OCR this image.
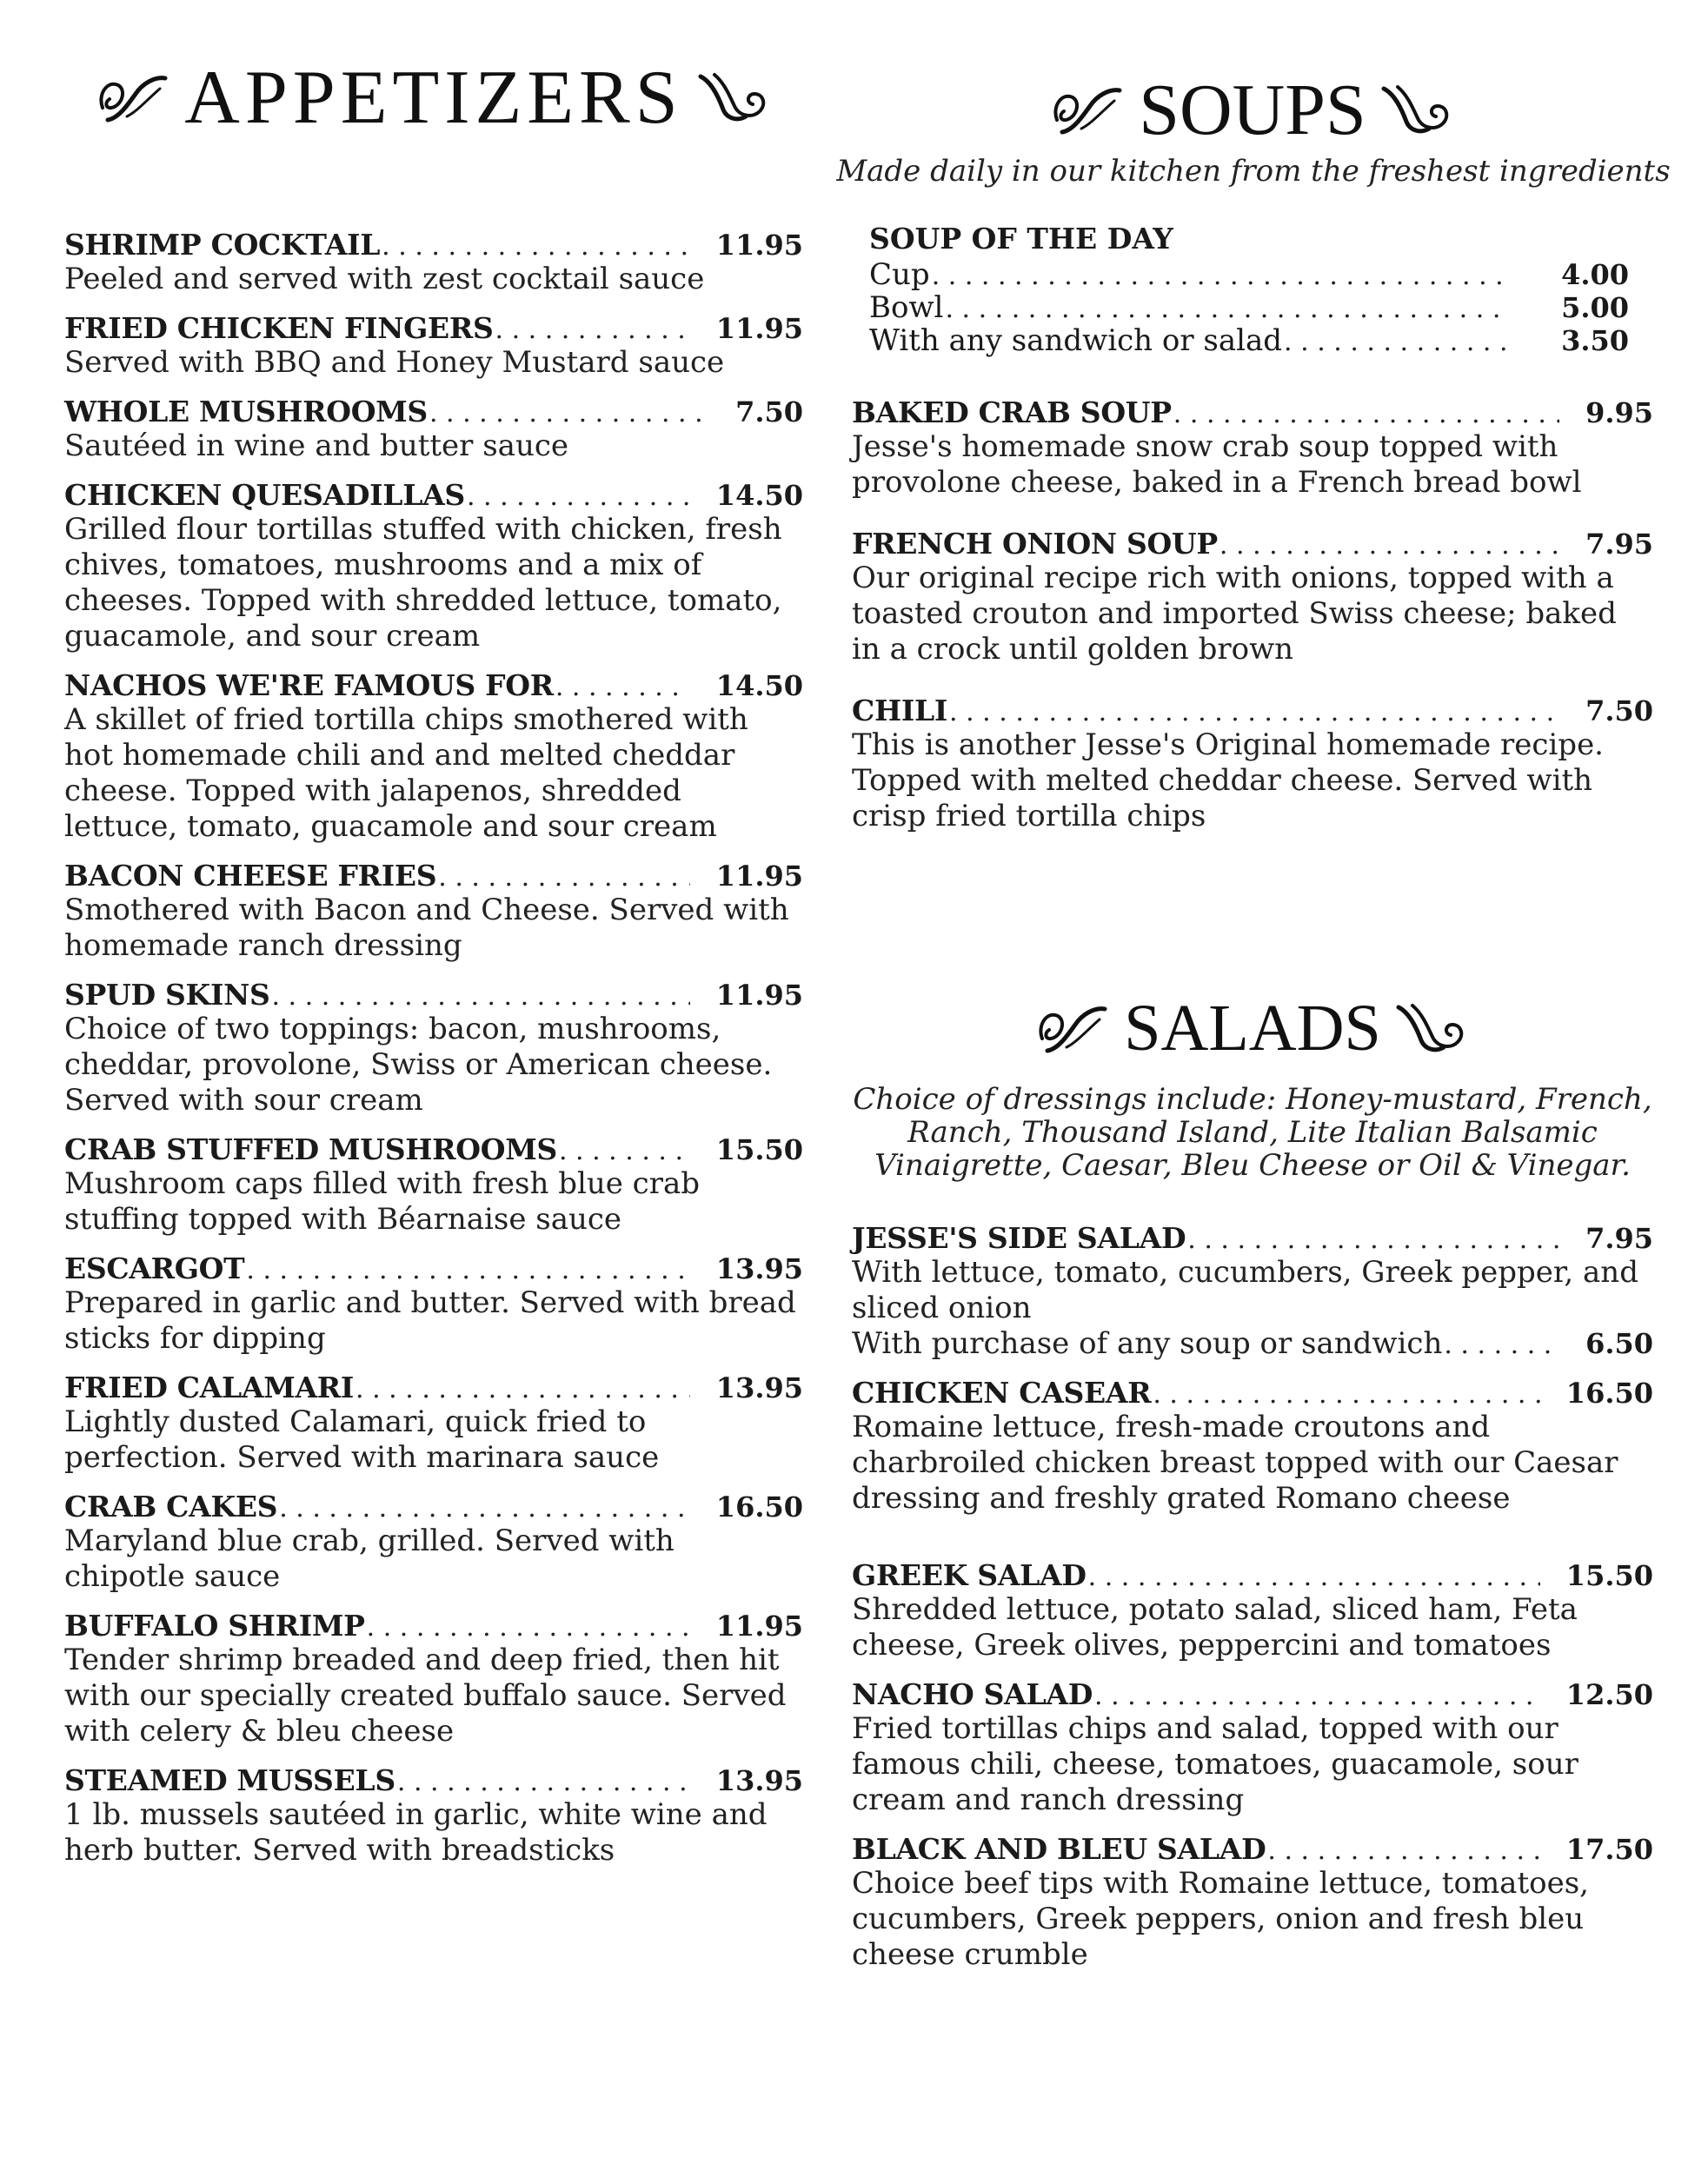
APPETIZERS
SHRIMP COCKTAIL . . .	11.95
Peeled and served with zest cocktail sauce
FRIED CHICKEN FINGERS . . .	11.95
Served with BBQ and Honey Mustard sauce
WHOLE MUSHROOMS . . .	7.50
Sautéed in wine and butter sauce
CHICKEN QUESADILLAS . . .	14.50
Grilled flour tortillas stuffed with chicken, fresh chives, tomatoes, mushrooms and a mix of cheeses. Topped with shredded lettuce, tomato, guacamole, and sour cream
NACHOS WE'RE FAMOUS FOR . . .	14.50
A skillet of fried tortilla chips smothered with hot homemade chili and and melted cheddar cheese. Topped with jalapenos, shredded lettuce, tomato, guacamole and sour cream
BACON CHEESE FRIES . . .	11.95
Smothered with Bacon and Cheese. Served with homemade ranch dressing
SPUD SKINS . . .	11.95
Choice of two toppings: bacon, mushrooms, cheddar, provolone, Swiss or American cheese. Served with sour cream
CRAB STUFFED MUSHROOMS . . .	15.50
Mushroom caps filled with fresh blue crab stuffing topped with Béarnaise sauce
ESCARGOT . . .	13.95
Prepared in garlic and butter. Served with bread sticks for dipping
FRIED CALAMARI . . .	13.95
Lightly dusted Calamari, quick fried to perfection. Served with marinara sauce
CRAB CAKES . . .	16.50
Maryland blue crab, grilled. Served with chipotle sauce
BUFFALO SHRIMP . . .	11.95
Tender shrimp breaded and deep fried, then hit with our specially created buffalo sauce. Served with celery & bleu cheese
STEAMED MUSSELS . . .	13.95
1 lb. mussels sautéed in garlic, white wine and herb butter. Served with breadsticks
SOUPS
Made daily in our kitchen from the freshest ingredients
SOUP OF THE DAY
Cup . . .	4.00
Bowl . . .	5.00
With any sandwich or salad . . .	3.50
BAKED CRAB SOUP . . .	9.95
Jesse's homemade snow crab soup topped with provolone cheese, baked in a French bread bowl
FRENCH ONION SOUP . . .	7.95
Our original recipe rich with onions, topped with a toasted crouton and imported Swiss cheese; baked in a crock until golden brown
CHILI . . .	7.50
This is another Jesse's Original homemade recipe. Topped with melted cheddar cheese. Served with crisp fried tortilla chips
SALADS
Choice of dressings include: Honey-mustard, French, Ranch, Thousand Island, Lite Italian Balsamic Vinaigrette, Caesar, Bleu Cheese or Oil & Vinegar.
JESSE'S SIDE SALAD . . .	7.95
With lettuce, tomato, cucumbers, Greek pepper, and sliced onion
With purchase of any soup or sandwich . . .	6.50
CHICKEN CASEAR . . .	16.50
Romaine lettuce, fresh-made croutons and charbroiled chicken breast topped with our Caesar dressing and freshly grated Romano cheese
GREEK SALAD . . .	15.50
Shredded lettuce, potato salad, sliced ham, Feta cheese, Greek olives, peppercini and tomatoes
NACHO SALAD . . .	12.50
Fried tortillas chips and salad, topped with our famous chili, cheese, tomatoes, guacamole, sour cream and ranch dressing
BLACK AND BLEU SALAD . . .	17.50
Choice beef tips with Romaine lettuce, tomatoes, cucumbers, Greek peppers, onion and fresh bleu cheese crumble
